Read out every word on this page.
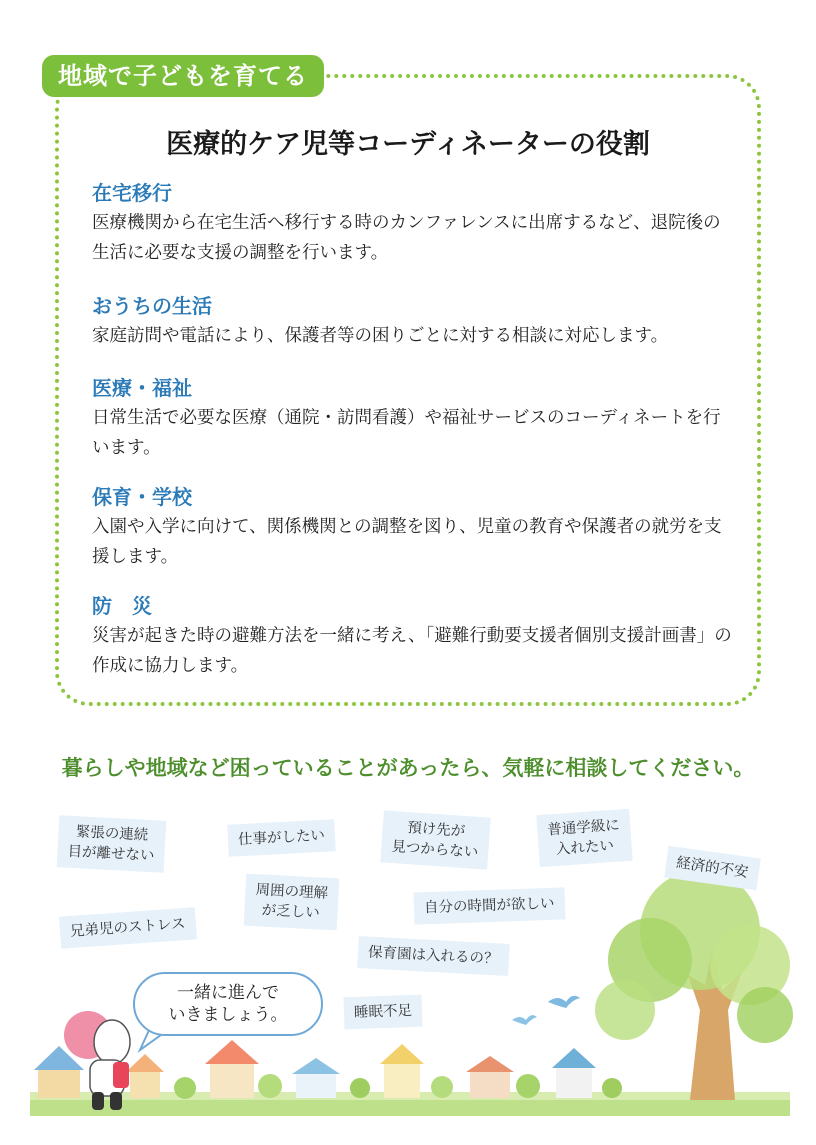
地域で子どもを育てる
医療的ケア児等コーディネーターの役割
在宅移行
医療機関から在宅生活へ移行する時のカンファレンスに出席するなど、退院後の生活に必要な支援の調整を行います。
おうちの生活
家庭訪問や電話により、保護者等の困りごとに対する相談に対応します。
医療・福祉
日常生活で必要な医療（通院・訪問看護）や福祉サービスのコーディネートを行います。
保育・学校
入園や入学に向けて、関係機関との調整を図り、児童の教育や保護者の就労を支援します。
防　災
災害が起きた時の避難方法を一緒に考え、「避難行動要支援者個別支援計画書」の作成に協力します。
暮らしや地域など困っていることがあったら、気軽に相談してください。
緊張の連続
目が離せない
仕事がしたい	預け先が
見つからない
普通学級に
入れたい
経済的不安
周囲の理解
が乏しい	自分の時間が欲しい
兄弟児のストレス
保育園は入れるの？
睡眠不足
一緒に進んで
いきましょう。
